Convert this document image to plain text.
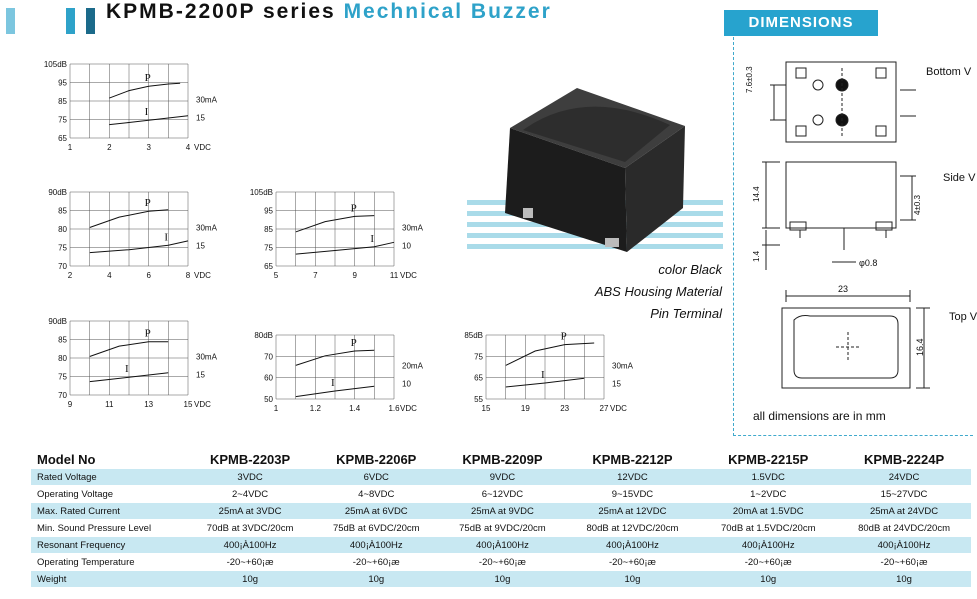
KPMB-2200P series Mechnical Buzzer	DIMENSIONS
65
75
85
95
105dB
1	2	3	4 VDC
30mA
15
P
I
70
75
80
85
90dB
2	4	6	8 VDC
30mA
15
P
I
65
75
85
95
105dB
5	7	9	11 VDC
30mA
10
P
I
70
75
80
85
90dB
9	11	13	15 VDC
30mA
15
P
I
50
60
70
80dB
1	1.2	1.4	1.6 VDC
20mA
10
P
I
55
65
75
85dB
15	19	23	27 VDC
30mA
15
P
I
color Black
ABS Housing Material
Pin Terminal
Bottom V
Side V
Top V
7.6±0.3
14.4
4±0.3
1.4
φ0.8
23
16.4
all dimensions are in mm
Model No	KPMB-2203P	KPMB-2206P	KPMB-2209P	KPMB-2212P	KPMB-2215P	KPMB-2224P
Rated Voltage	3VDC	6VDC	9VDC	12VDC	1.5VDC	24VDC
Operating Voltage	2~4VDC	4~8VDC	6~12VDC	9~15VDC	1~2VDC	15~27VDC
Max. Rated Current	25mA at 3VDC	25mA at 6VDC	25mA at 9VDC	25mA at 12VDC	20mA at 1.5VDC	25mA at 24VDC
Min. Sound Pressure Level	70dB at 3VDC/20cm	75dB at 6VDC/20cm	75dB at 9VDC/20cm	80dB at 12VDC/20cm	70dB at 1.5VDC/20cm	80dB at 24VDC/20cm
Resonant Frequency	400¡À100Hz	400¡À100Hz	400¡À100Hz	400¡À100Hz	400¡À100Hz	400¡À100Hz
Operating Temperature	-20~+60¡æ	-20~+60¡æ	-20~+60¡æ	-20~+60¡æ	-20~+60¡æ	-20~+60¡æ
Weight	10g	10g	10g	10g	10g	10g
